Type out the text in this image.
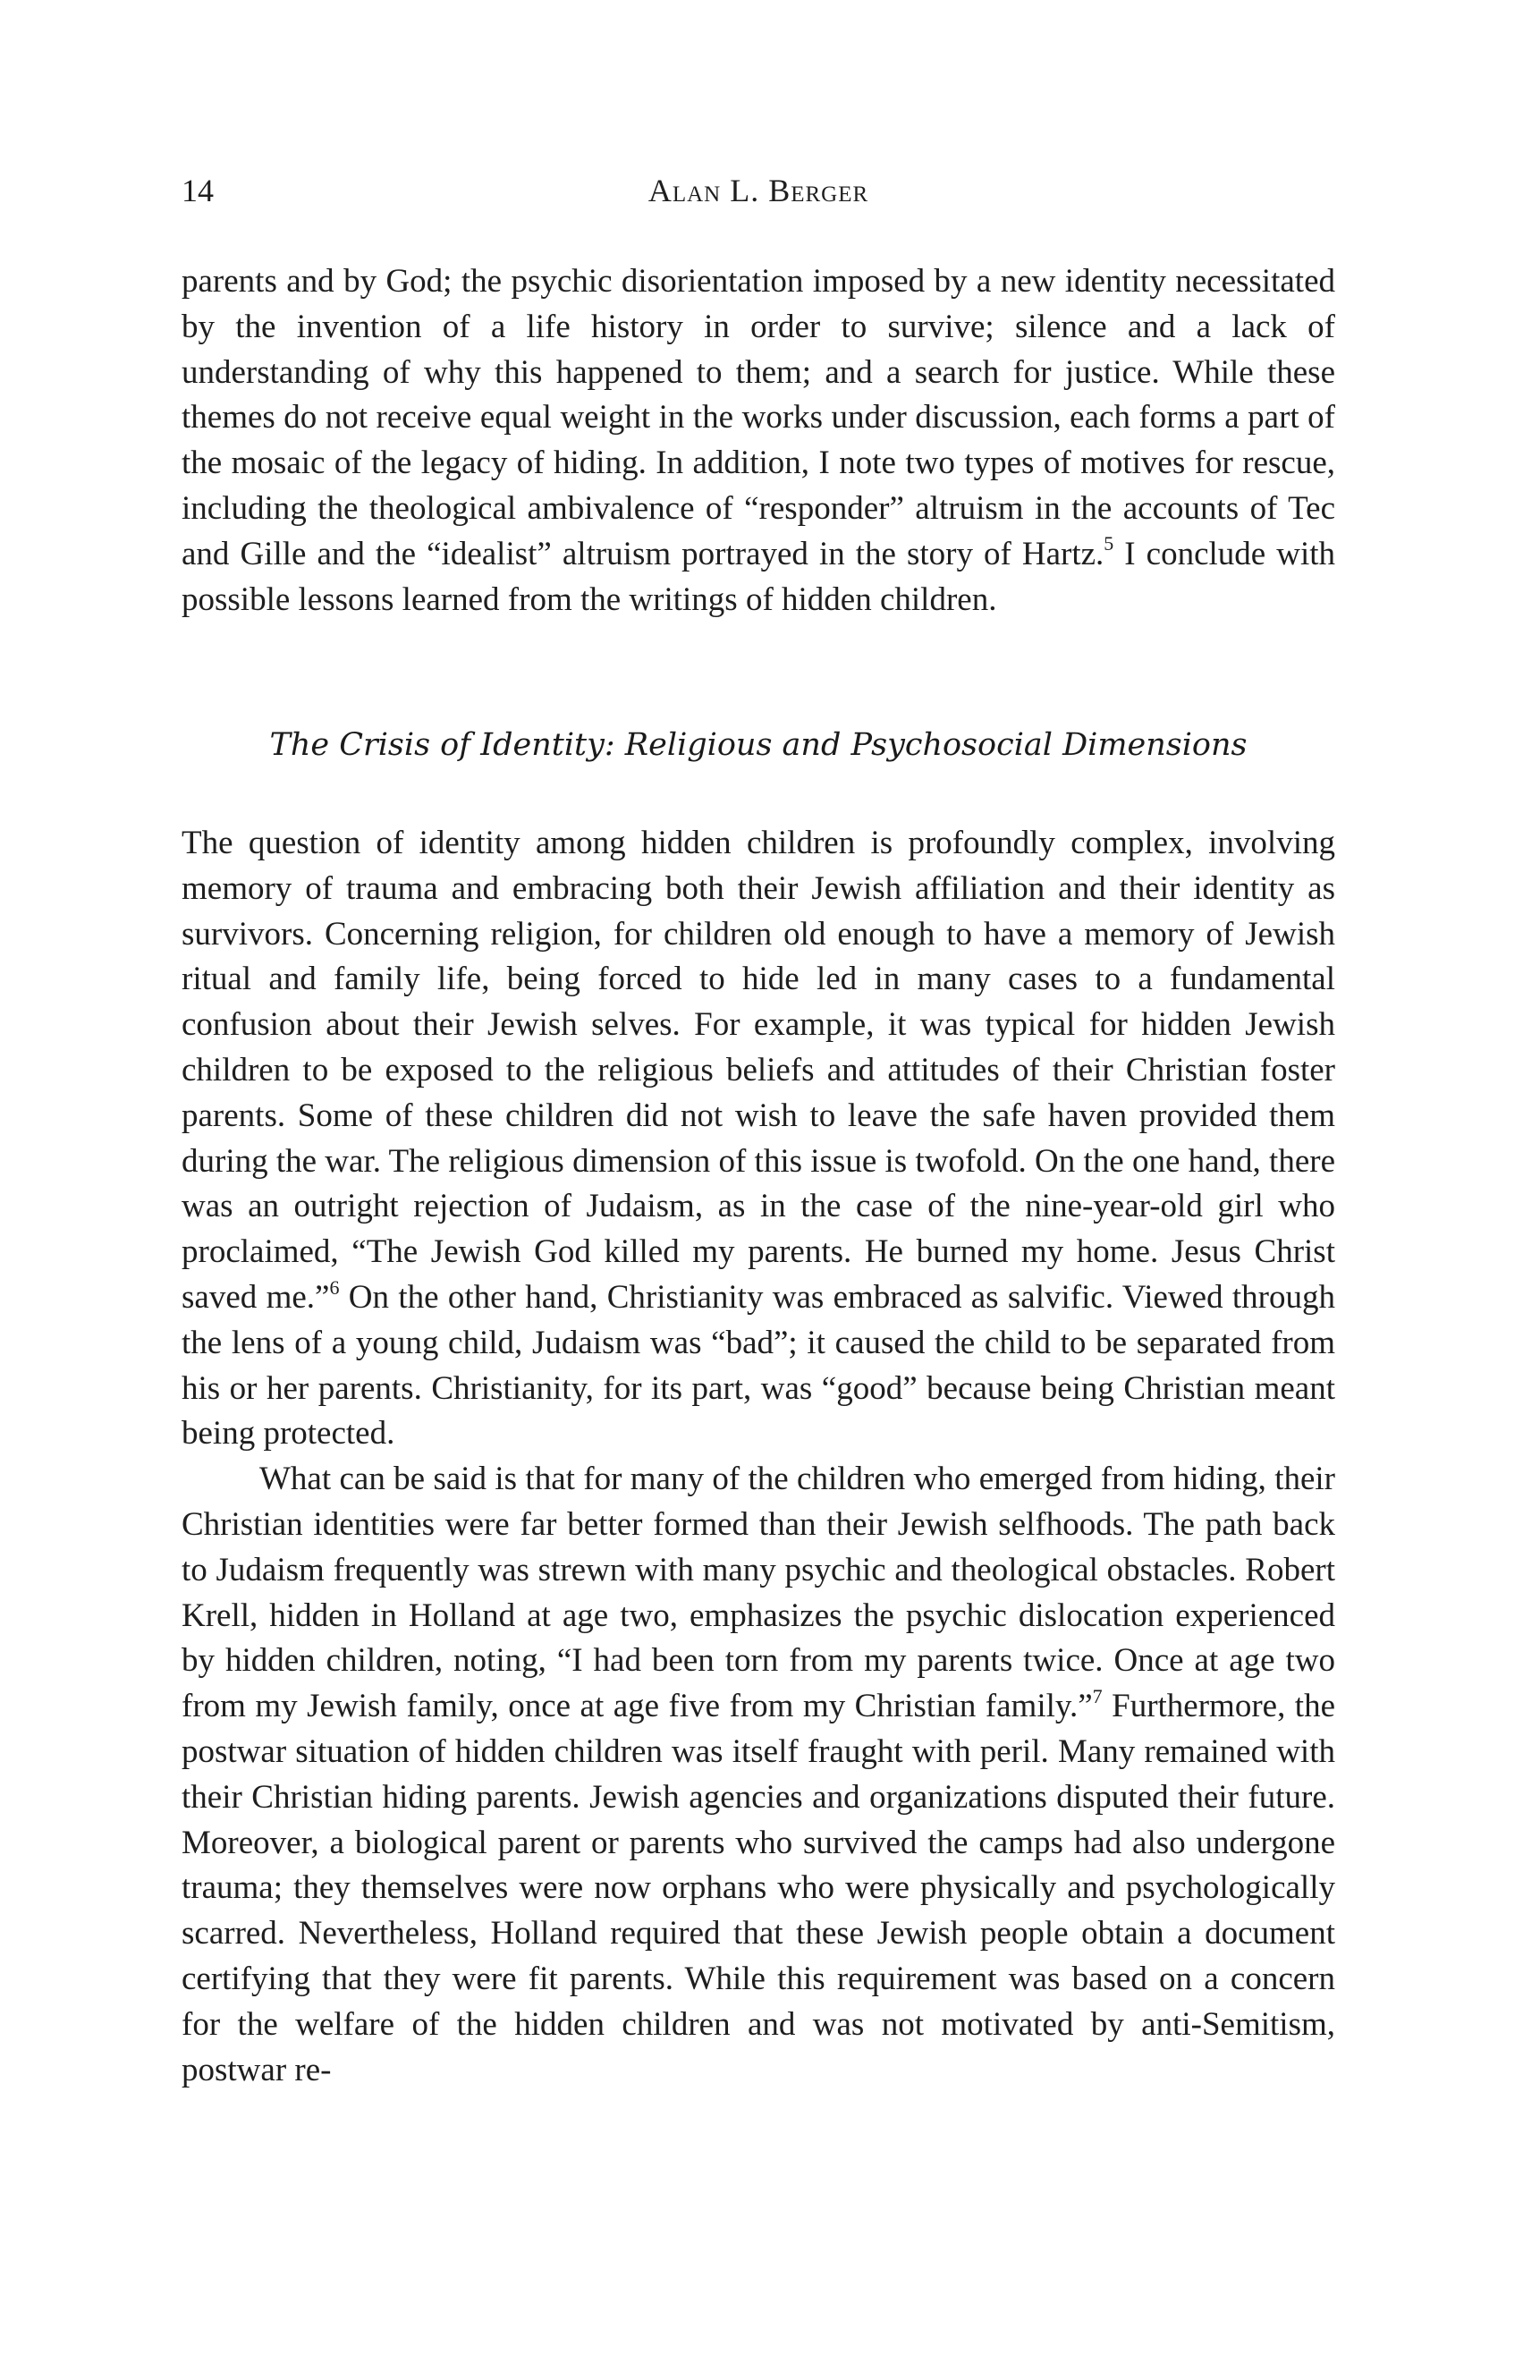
14	Alan L. Berger

parents and by God; the psychic disorientation imposed by a new identity necessitated by the invention of a life history in order to survive; silence and a lack of understanding of why this happened to them; and a search for justice. While these themes do not receive equal weight in the works under discussion, each forms a part of the mosaic of the legacy of hiding. In addition, I note two types of motives for rescue, including the theological ambivalence of “responder” altruism in the accounts of Tec and Gille and the “idealist” altruism portrayed in the story of Hartz.$^5$ I conclude with possible lessons learned from the writings of hidden children.

The Crisis of Identity: Religious and Psychosocial Dimensions

The question of identity among hidden children is profoundly complex, involving memory of trauma and embracing both their Jewish affiliation and their identity as survivors. Concerning religion, for children old enough to have a memory of Jewish ritual and family life, being forced to hide led in many cases to a fundamental confusion about their Jewish selves. For example, it was typical for hidden Jewish children to be exposed to the religious beliefs and attitudes of their Christian foster parents. Some of these children did not wish to leave the safe haven provided them during the war. The religious dimension of this issue is twofold. On the one hand, there was an outright rejection of Judaism, as in the case of the nine-year-old girl who proclaimed, “The Jewish God killed my parents. He burned my home. Jesus Christ saved me.”$^6$ On the other hand, Christianity was embraced as salvific. Viewed through the lens of a young child, Judaism was “bad”; it caused the child to be separated from his or her parents. Christianity, for its part, was “good” because being Christian meant being protected.

What can be said is that for many of the children who emerged from hiding, their Christian identities were far better formed than their Jewish selfhoods. The path back to Judaism frequently was strewn with many psychic and theological obstacles. Robert Krell, hidden in Holland at age two, emphasizes the psychic dislocation experienced by hidden children, noting, “I had been torn from my parents twice. Once at age two from my Jewish family, once at age five from my Christian family.”$^7$ Furthermore, the postwar situation of hidden children was itself fraught with peril. Many remained with their Christian hiding parents. Jewish agencies and organizations disputed their future. Moreover, a biological parent or parents who survived the camps had also undergone trauma; they themselves were now orphans who were physically and psychologically scarred. Nevertheless, Holland required that these Jewish people obtain a document certifying that they were fit parents. While this requirement was based on a concern for the welfare of the hidden children and was not motivated by anti-Semitism, postwar re-
